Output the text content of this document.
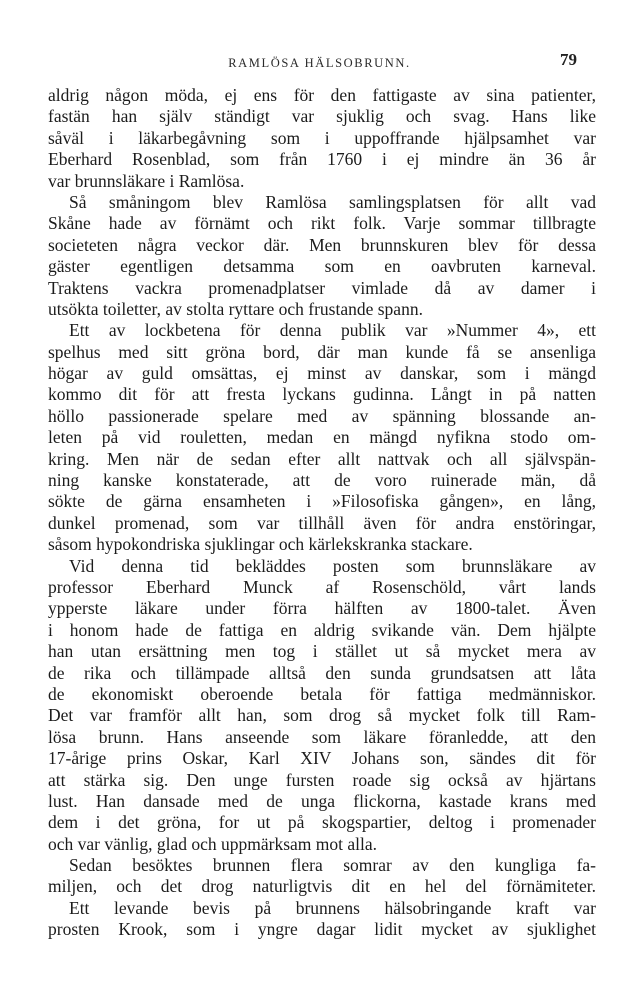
RAMLÖSA HÄLSOBRUNN.	79
aldrig någon möda, ej ens för den fattigaste av sina patienter,
fastän han själv ständigt var sjuklig och svag. Hans like
såväl i läkarbegåvning som i uppoffrande hjälpsamhet var
Eberhard Rosenblad, som från 1760 i ej mindre än 36 år
var brunnsläkare i Ramlösa.
Så småningom blev Ramlösa samlingsplatsen för allt vad
Skåne hade av förnämt och rikt folk. Varje sommar tillbragte
societeten några veckor där. Men brunnskuren blev för dessa
gäster egentligen detsamma som en oavbruten karneval.
Traktens vackra promenadplatser vimlade då av damer i
utsökta toiletter, av stolta ryttare och frustande spann.
Ett av lockbetena för denna publik var »Nummer 4», ett
spelhus med sitt gröna bord, där man kunde få se ansenliga
högar av guld omsättas, ej minst av danskar, som i mängd
kommo dit för att fresta lyckans gudinna. Långt in på natten
höllo passionerade spelare med av spänning blossande an-
leten på vid rouletten, medan en mängd nyfikna stodo om-
kring. Men när de sedan efter allt nattvak och all självspän-
ning kanske konstaterade, att de voro ruinerade män, då
sökte de gärna ensamheten i »Filosofiska gången», en lång,
dunkel promenad, som var tillhåll även för andra enstöringar,
såsom hypokondriska sjuklingar och kärlekskranka stackare.
Vid denna tid bekläddes posten som brunnsläkare av
professor Eberhard Munck af Rosenschöld, vårt lands
ypperste läkare under förra hälften av 1800-talet. Även
i honom hade de fattiga en aldrig svikande vän. Dem hjälpte
han utan ersättning men tog i stället ut så mycket mera av
de rika och tillämpade alltså den sunda grundsatsen att låta
de ekonomiskt oberoende betala för fattiga medmänniskor.
Det var framför allt han, som drog så mycket folk till Ram-
lösa brunn. Hans anseende som läkare föranledde, att den
17-årige prins Oskar, Karl XIV Johans son, sändes dit för
att stärka sig. Den unge fursten roade sig också av hjärtans
lust. Han dansade med de unga flickorna, kastade krans med
dem i det gröna, for ut på skogspartier, deltog i promenader
och var vänlig, glad och uppmärksam mot alla.
Sedan besöktes brunnen flera somrar av den kungliga fa-
miljen, och det drog naturligtvis dit en hel del förnämiteter.
Ett levande bevis på brunnens hälsobringande kraft var
prosten Krook, som i yngre dagar lidit mycket av sjuklighet
